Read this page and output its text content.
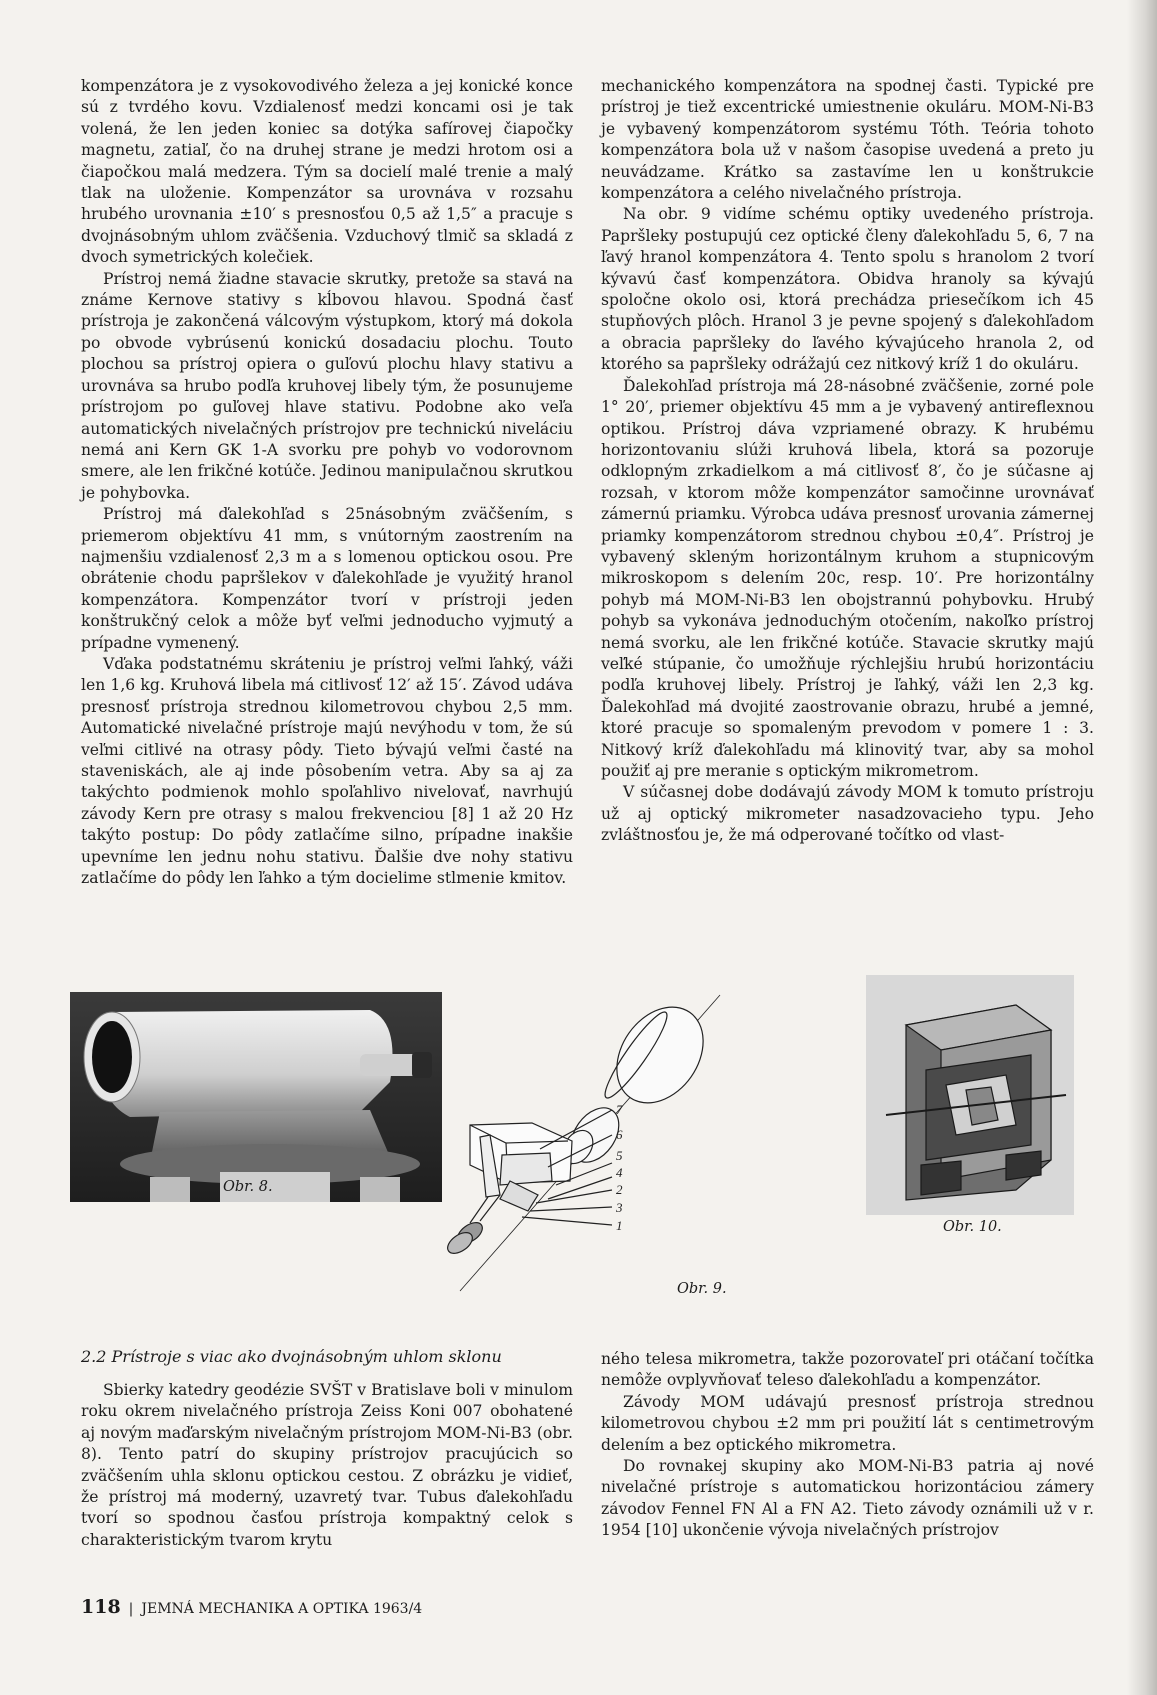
kompenzátora je z vysokovodivého železa a jej konické konce sú z tvrdého kovu. Vzdialenosť medzi koncami osi je tak volená, že len jeden koniec sa dotýka safírovej čiapočky magnetu, zatiaľ, čo na druhej strane je medzi hrotom osi a čiapočkou malá medzera. Tým sa docielí malé trenie a malý tlak na uloženie. Kompenzátor sa urovnáva v rozsahu hrubého urovnania ±10′ s presnosťou 0,5 až 1,5″ a pracuje s dvojnásobným uhlom zväčšenia. Vzduchový tlmič sa skladá z dvoch symetrických kolečiek.

Prístroj nemá žiadne stavacie skrutky, pretože sa stavá na známe Kernove stativy s kĺbovou hlavou. Spodná časť prístroja je zakončená válcovým výstupkom, ktorý má dokola po obvode vybrúsenú konickú dosadaciu plochu. Touto plochou sa prístroj opiera o guľovú plochu hlavy stativu a urovnáva sa hrubo podľa kruhovej libely tým, že posunujeme prístrojom po guľovej hlave stativu. Podobne ako veľa automatických nivelačných prístrojov pre technickú niveláciu nemá ani Kern GK 1-A svorku pre pohyb vo vodorovnom smere, ale len frikčné kotúče. Jedinou manipulačnou skrutkou je pohybovka.

Prístroj má ďalekohľad s 25násobným zväčšením, s priemerom objektívu 41 mm, s vnútorným zaostrením na najmenšiu vzdialenosť 2,3 m a s lomenou optickou osou. Pre obrátenie chodu papršlekov v ďalekohľade je využitý hranol kompenzátora. Kompenzátor tvorí v prístroji jeden konštrukčný celok a môže byť veľmi jednoducho vyjmutý a prípadne vymenený.

Vďaka podstatnému skráteniu je prístroj veľmi ľahký, váži len 1,6 kg. Kruhová libela má citlivosť 12′ až 15′. Závod udáva presnosť prístroja strednou kilometrovou chybou 2,5 mm. Automatické nivelačné prístroje majú nevýhodu v tom, že sú veľmi citlivé na otrasy pôdy. Tieto bývajú veľmi časté na staveniskách, ale aj inde pôsobením vetra. Aby sa aj za takýchto podmienok mohlo spoľahlivo nivelovať, navrhujú závody Kern pre otrasy s malou frekvenciou [8] 1 až 20 Hz takýto postup: Do pôdy zatlačíme silno, prípadne inakšie upevníme len jednu nohu stativu. Ďalšie dve nohy stativu zatlačíme do pôdy len ľahko a tým docielime stlmenie kmitov.

mechanického kompenzátora na spodnej časti. Typické pre prístroj je tiež excentrické umiestnenie okuláru. MOM-Ni-B3 je vybavený kompenzátorom systému Tóth. Teória tohoto kompenzátora bola už v našom časopise uvedená a preto ju neuvádzame. Krátko sa zastavíme len u konštrukcie kompenzátora a celého nivelačného prístroja.

Na obr. 9 vidíme schému optiky uvedeného prístroja. Papršleky postupujú cez optické členy ďalekohľadu 5, 6, 7 na ľavý hranol kompenzátora 4. Tento spolu s hranolom 2 tvorí kývavú časť kompenzátora. Obidva hranoly sa kývajú spoločne okolo osi, ktorá prechádza priesečíkom ich 45 stupňových plôch. Hranol 3 je pevne spojený s ďalekohľadom a obracia papršleky do ľavého kývajúceho hranola 2, od ktorého sa papršleky odrážajú cez nitkový kríž 1 do okuláru.

Ďalekohľad prístroja má 28-násobné zväčšenie, zorné pole 1° 20′, priemer objektívu 45 mm a je vybavený antireflexnou optikou. Prístroj dáva vzpriamené obrazy. K hrubému horizontovaniu slúži kruhová libela, ktorá sa pozoruje odklopným zrkadielkom a má citlivosť 8′, čo je súčasne aj rozsah, v ktorom môže kompenzátor samočinne urovnávať zámernú priamku. Výrobca udáva presnosť urovania zámernej priamky kompenzátorom strednou chybou ±0,4″. Prístroj je vybavený skleným horizontálnym kruhom a stupnicovým mikroskopom s delením 20c, resp. 10′. Pre horizontálny pohyb má MOM-Ni-B3 len obojstrannú pohybovku. Hrubý pohyb sa vykonáva jednoduchým otočením, nakoľko prístroj nemá svorku, ale len frikčné kotúče. Stavacie skrutky majú veľké stúpanie, čo umožňuje rýchlejšiu hrubú horizontáciu podľa kruhovej libely. Prístroj je ľahký, váži len 2,3 kg. Ďalekohľad má dvojité zaostrovanie obrazu, hrubé a jemné, ktoré pracuje so spomaleným prevodom v pomere 1 : 3. Nitkový kríž ďalekohľadu má klinovitý tvar, aby sa mohol použiť aj pre meranie s optickým mikrometrom.

V súčasnej dobe dodávajú závody MOM k tomuto prístroju už aj optický mikrometer nasadzovacieho typu. Jeho zvláštnosťou je, že má odperované točítko od vlast-

Obr. 8.
7
6
5
4
2
3
1
Obr. 9.
Obr. 10.
2.2 Prístroje s viac ako dvojnásobným uhlom sklonu

Sbierky katedry geodézie SVŠT v Bratislave boli v minulom roku okrem nivelačného prístroja Zeiss Koni 007 obohatené aj novým maďarským nivelačným prístrojom MOM-Ni-B3 (obr. 8). Tento patrí do skupiny prístrojov pracujúcich so zväčšením uhla sklonu optickou cestou. Z obrázku je vidieť, že prístroj má moderný, uzavretý tvar. Tubus ďalekohľadu tvorí so spodnou časťou prístroja kompaktný celok s charakteristickým tvarom krytu

ného telesa mikrometra, takže pozorovateľ pri otáčaní točítka nemôže ovplyvňovať teleso ďalekohľadu a kompenzátor.

Závody MOM udávajú presnosť prístroja strednou kilometrovou chybou ±2 mm pri použití lát s centimetrovým delením a bez optického mikrometra.

Do rovnakej skupiny ako MOM-Ni-B3 patria aj nové nivelačné prístroje s automatickou horizontáciou zámery závodov Fennel FN Al a FN A2. Tieto závody oznámili už v r. 1954 [10] ukončenie vývoja nivelačných prístrojov

118 | JEMNÁ MECHANIKA A OPTIKA 1963/4
